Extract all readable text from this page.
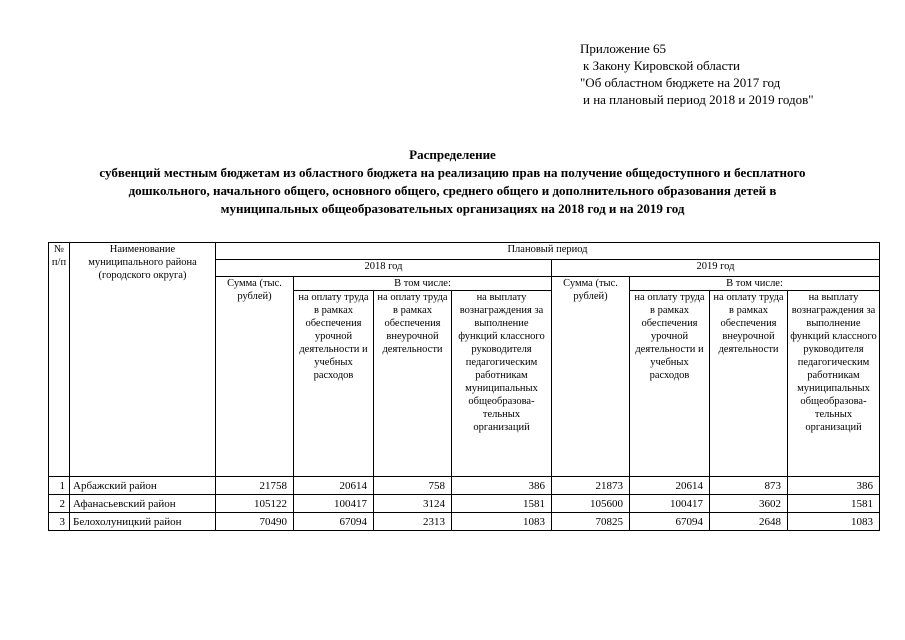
Приложение 65
к Закону Кировской области
"Об областном бюджете на 2017 год
и на плановый период 2018 и 2019 годов"
Распределение
субвенций местным бюджетам из областного бюджета на реализацию прав на получение общедоступного и бесплатного
дошкольного, начального общего, основного общего, среднего общего и дополнительного образования детей в
муниципальных общеобразовательных организациях на 2018 год и на 2019 год
№ п/п	Наименование муниципального района (городского округа)	Плановый период							
		2018 год				2019 год			
		Сумма (тыс. рублей)	В том числе:			Сумма (тыс. рублей)	В том числе:		
			на оплату труда в рамках обеспечения урочной деятельности и учебных расходов	на оплату труда в рамках обеспечения внеурочной деятельности	на выплату вознаграждения за выполнение функций классного руководителя педагогическим работникам муниципальных общеобразова-тельных организаций		на оплату труда в рамках обеспечения урочной деятельности и учебных расходов	на оплату труда в рамках обеспечения внеурочной деятельности	на выплату вознаграждения за выполнение функций классного руководителя педагогическим работникам муниципальных общеобразова-тельных организаций
1	Арбажский район	21758	20614	758	386	21873	20614	873	386
2	Афанасьевский район	105122	100417	3124	1581	105600	100417	3602	1581
3	Белохолуницкий район	70490	67094	2313	1083	70825	67094	2648	1083
